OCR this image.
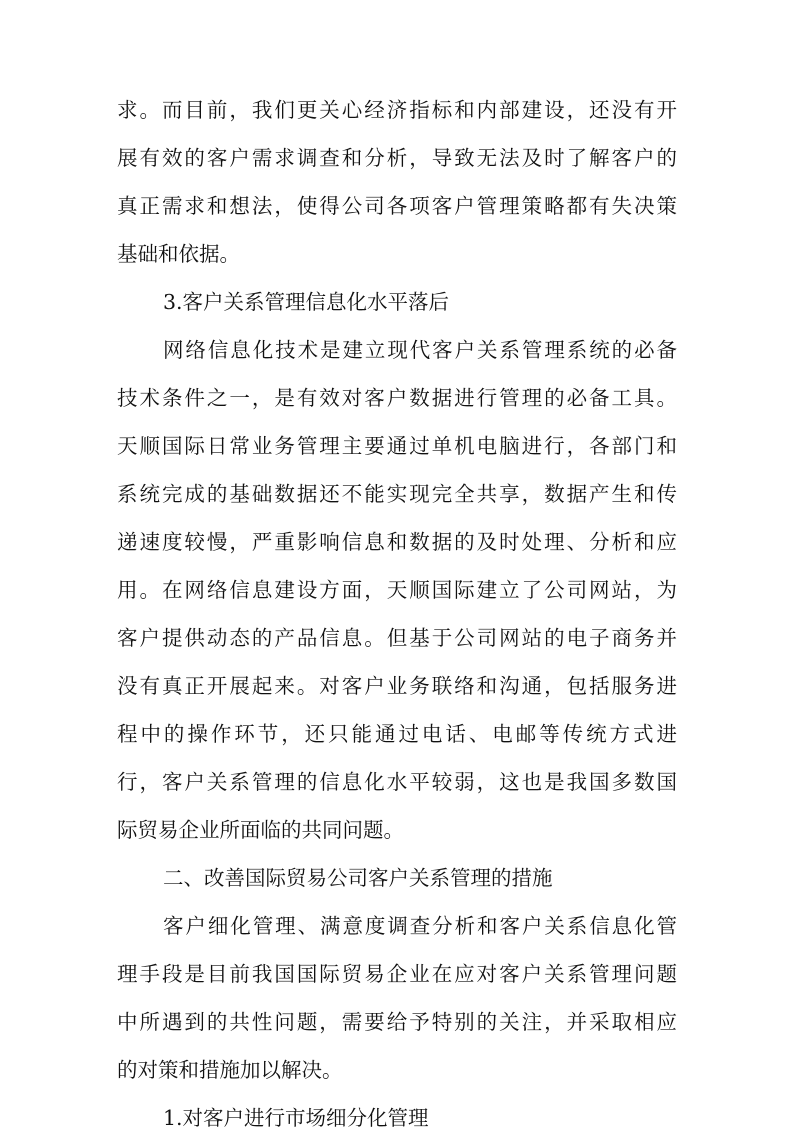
求。而目前，我们更关心经济指标和内部建设，还没有开
展有效的客户需求调查和分析，导致无法及时了解客户的
真正需求和想法，使得公司各项客户管理策略都有失决策
基础和依据。
3.客户关系管理信息化水平落后
网络信息化技术是建立现代客户关系管理系统的必备
技术条件之一，是有效对客户数据进行管理的必备工具。
天顺国际日常业务管理主要通过单机电脑进行，各部门和
系统完成的基础数据还不能实现完全共享，数据产生和传
递速度较慢，严重影响信息和数据的及时处理、分析和应
用。在网络信息建设方面，天顺国际建立了公司网站，为
客户提供动态的产品信息。但基于公司网站的电子商务并
没有真正开展起来。对客户业务联络和沟通，包括服务进
程中的操作环节，还只能通过电话、电邮等传统方式进
行，客户关系管理的信息化水平较弱，这也是我国多数国
际贸易企业所面临的共同问题。
二、改善国际贸易公司客户关系管理的措施
客户细化管理、满意度调查分析和客户关系信息化管
理手段是目前我国国际贸易企业在应对客户关系管理问题
中所遇到的共性问题，需要给予特别的关注，并采取相应
的对策和措施加以解决。
1.对客户进行市场细分化管理
